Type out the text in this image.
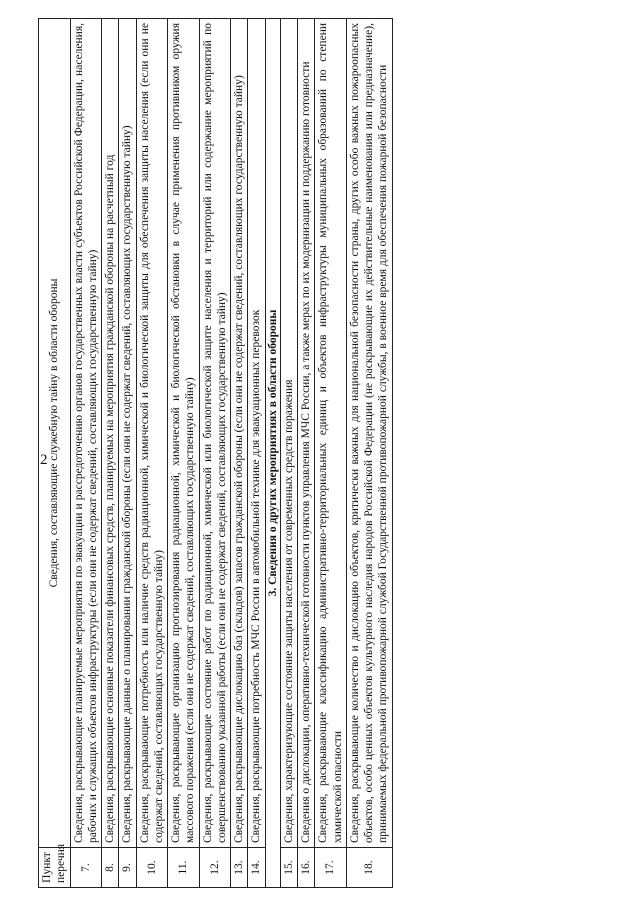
2
Пункт перечня	Сведения, составляющие служебную тайну в области обороны
7.	Сведения, раскрывающие планируемые мероприятия по эвакуации и рассредоточению органов государственных власти субъектов Российской Федерации, населения, рабочих и служащих объектов инфраструктуры (если они не содержат сведений, составляющих государственную тайну)
8.	Сведения, раскрывающие основные показатели финансовых средств, планируемых на мероприятия гражданской обороны на расчетный год
9.	Сведения, раскрывающие данные о планировании гражданской обороны (если они не содержат сведений, составляющих государственную тайну)
10.	Сведения, раскрывающие потребность или наличие средств радиационной, химической и биологической защиты для обеспечения защиты населения (если они не содержат сведений, составляющих государственную тайну)
11.	Сведения, раскрывающие организацию прогнозирования радиационной, химической и биологической обстановки в случае применения противником оружия массового поражения (если они не содержат сведений, составляющих государственную тайну)
12.	Сведения, раскрывающие состояние работ по радиационной, химической или биологической защите населения и территорий или содержание мероприятий по совершенствованию указанной работы (если они не содержат сведений, составляющих государственную тайну)
13.	Сведения, раскрывающие дислокацию баз (складов) запасов гражданской обороны (если они не содержат сведений, составляющих государственную тайну)
14.	Сведения, раскрывающие потребность МЧС России в автомобильной технике для эвакуационных перевозок
3. Сведения о других мероприятиях в области обороны	
15.	Сведения, характеризующие состояние защиты населения от современных средств поражения
16.	Сведения о дислокации, оперативно-технической готовности пунктов управления МЧС России, а также мерах по их модернизации и поддержанию готовности
17.	Сведения, раскрывающие классификацию административно-территориальных единиц и объектов инфраструктуры муниципальных образований по степени химической опасности
18.	Сведения, раскрывающие количество и дислокацию объектов, критически важных для национальной безопасности страны, других особо важных пожароопасных объектов, особо ценных объектов культурного наследия народов Российской Федерации (не раскрывающие их действительные наименования или предназначение), принимаемых федеральной противопожарной службой Государственной противопожарной службы, в военное время для обеспечения пожарной безопасности
